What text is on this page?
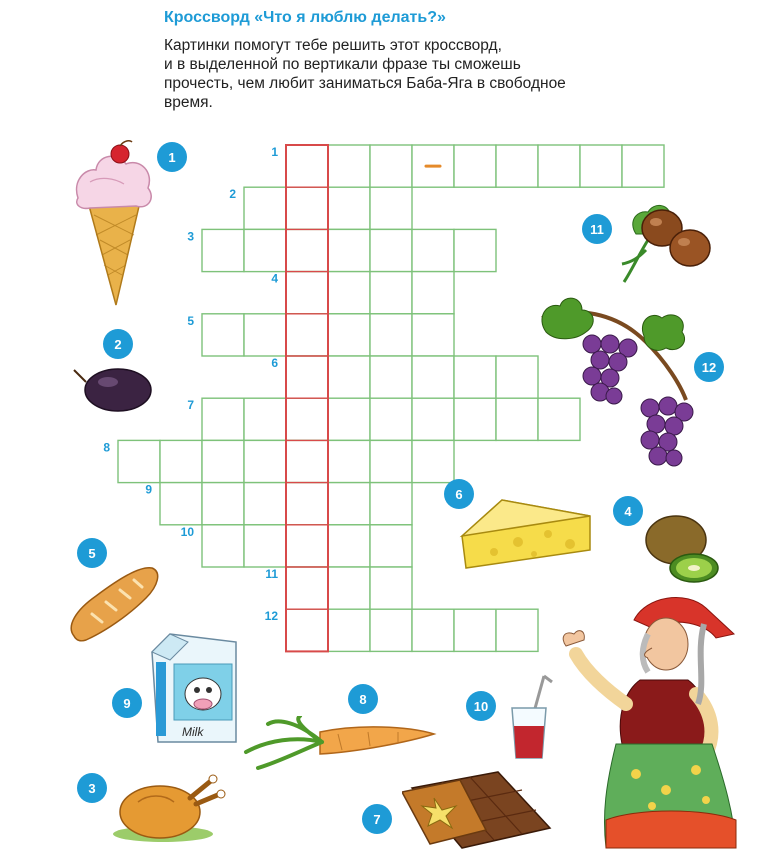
Кроссворд «Что я люблю делать?»
Картинки помогут тебе решить этот кроссворд,
и в выделенной по вертикали фразе ты сможешь
прочесть, чем любит заниматься Баба-Яга в свободное
время.
1
2
3
4
5
6
7
8
9
10
11
12
1
2
3
4
5
6
7
8
9	10
11
12
Milk
